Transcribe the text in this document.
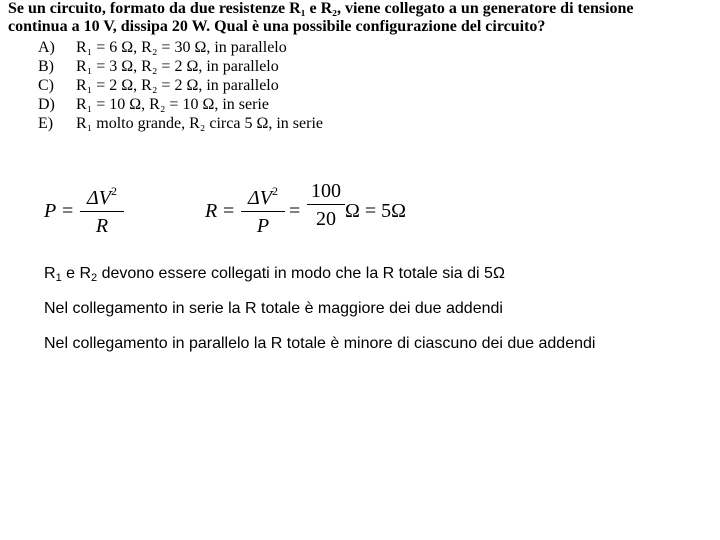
Se un circuito, formato da due resistenze R₁ e R₂, viene collegato a un generatore di tensione

continua a 10 V, dissipa 20 W. Qual è una possibile configurazione del circuito?

A)	R₁ = 6 Ω, R₂ = 30 Ω, in parallelo
B)	R₁ = 3 Ω, R₂ = 2 Ω, in parallelo
C)	R₁ = 2 Ω, R₂ = 2 Ω, in parallelo
D)	R₁ = 10 Ω, R₂ = 10 Ω, in serie
E)	R₁ molto grande, R₂ circa 5 Ω, in serie
P =
$\Delta V^2$
R
R =
$\Delta V^2$
P
=
100
20 Ω = 5Ω
$R_1$ e $R_2$ devono essere collegati in modo che la R totale sia di 5Ω
Nel collegamento in serie la R totale è maggiore dei due addendi
Nel collegamento in parallelo la R totale è minore di ciascuno dei due addendi
